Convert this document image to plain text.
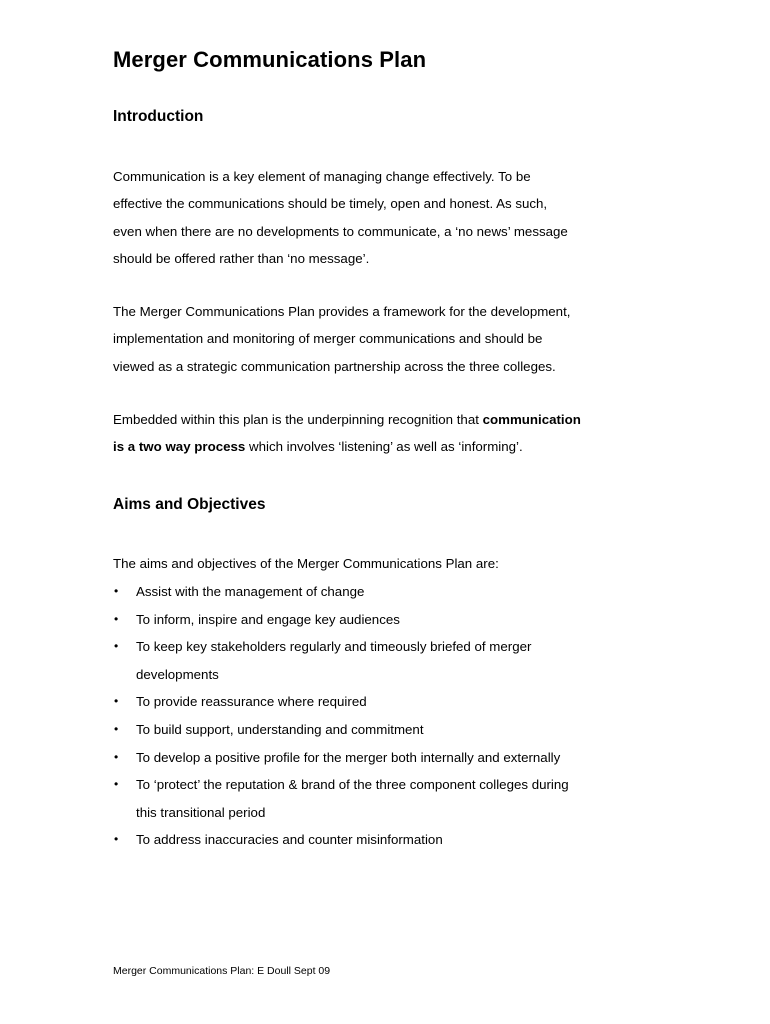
Merger Communications Plan
Introduction

Communication is a key element of managing change effectively. To be
effective the communications should be timely, open and honest. As such,
even when there are no developments to communicate, a ‘no news’ message
should be offered rather than ‘no message’.

The Merger Communications Plan provides a framework for the development,
implementation and monitoring of merger communications and should be
viewed as a strategic communication partnership across the three colleges.

Embedded within this plan is the underpinning recognition that communication
is a two way process which involves ‘listening’ as well as ‘informing’.

Aims and Objectives

The aims and objectives of the Merger Communications Plan are:

• Assist with the management of change
• To inform, inspire and engage key audiences
• To keep key stakeholders regularly and timeously briefed of merger
developments
• To provide reassurance where required
• To build support, understanding and commitment
• To develop a positive profile for the merger both internally and externally
• To ‘protect’ the reputation & brand of the three component colleges during
this transitional period
• To address inaccuracies and counter misinformation

Merger Communications Plan: E Doull Sept 09
